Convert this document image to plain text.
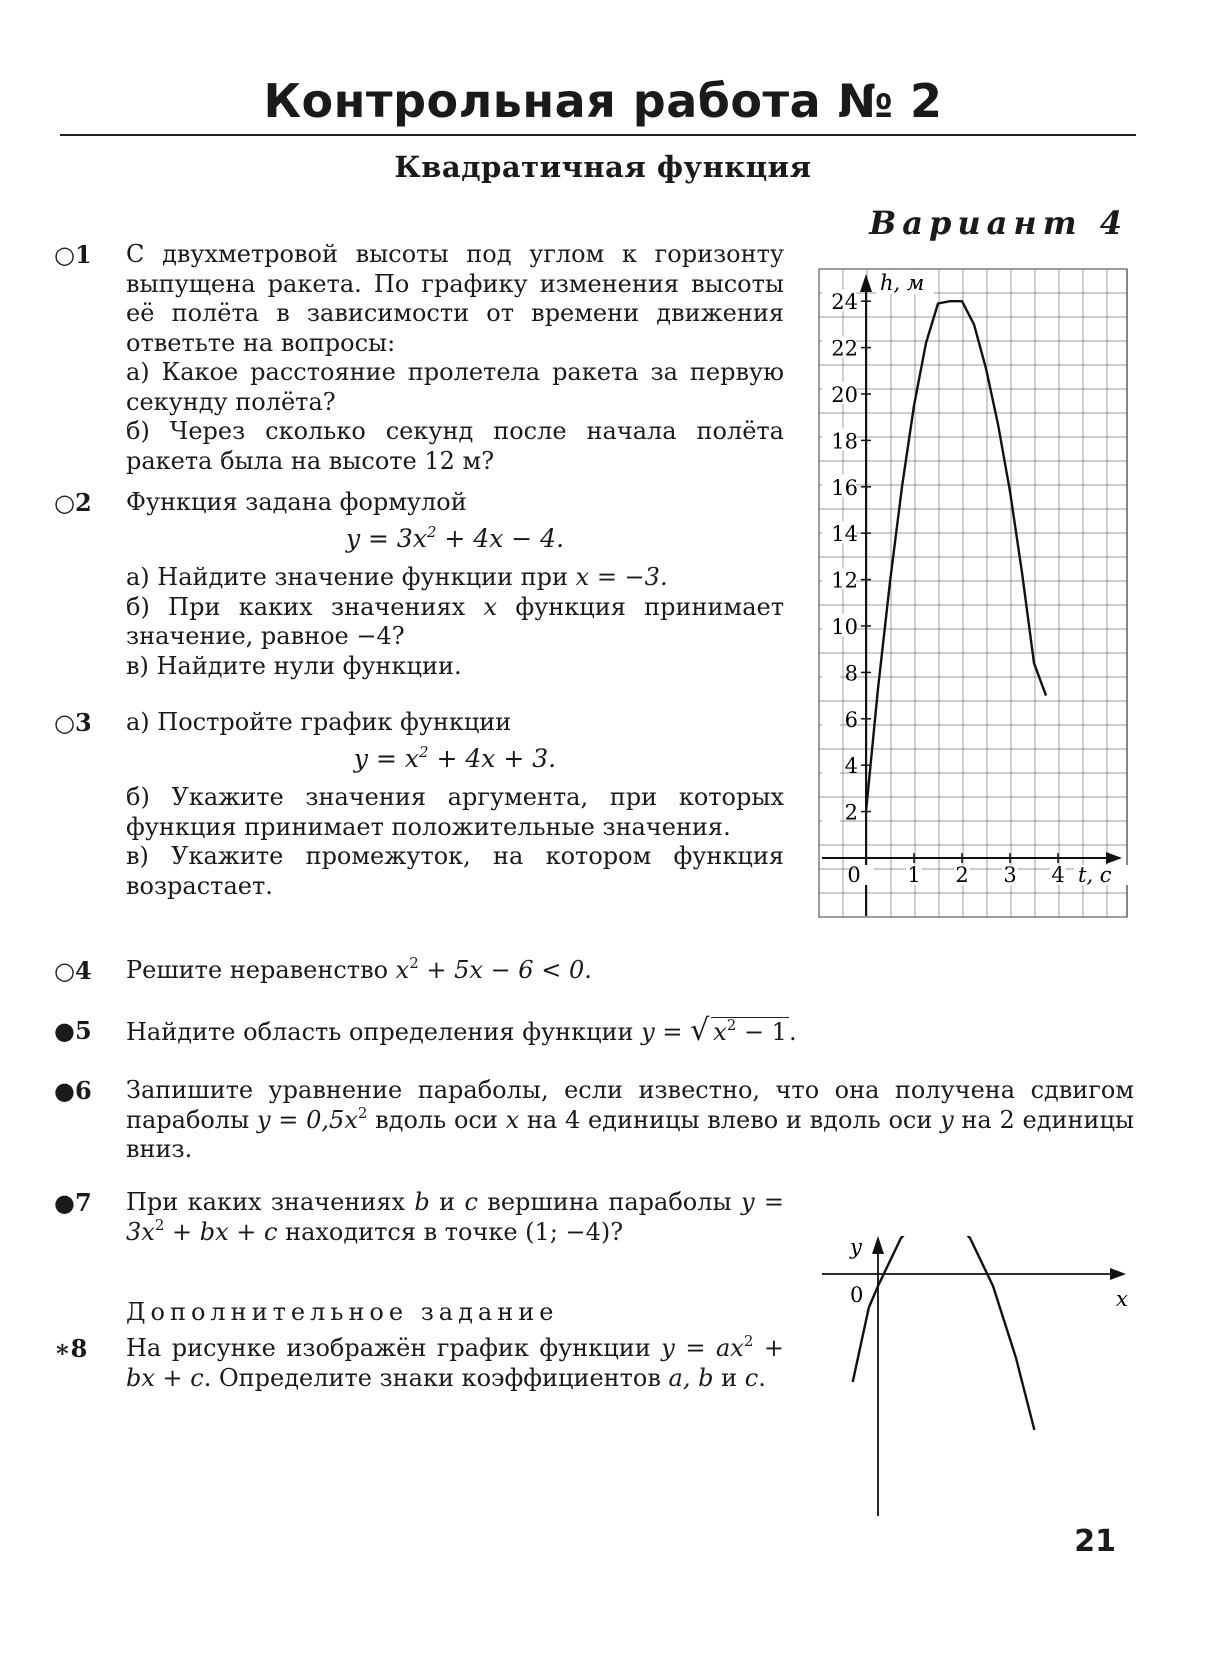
Контрольная работа № 2
Квадратичная функция
Вариант 4
○1	С двухметровой высоты под углом к горизонту выпущена ракета. По графику изменения высоты её полёта в зависимости от времени движения ответьте на вопросы:
а) Какое расстояние пролетела ракета за первую секунду полёта?
б) Через сколько секунд после начала полёта ракета была на высоте 12 м?
○2	Функция задана формулой
$y = 3x^2 + 4x - 4$.
а) Найдите значение функции при x = −3.
б) При каких значениях x функция принимает значение, равное −4?
в) Найдите нули функции.
○3	а) Постройте график функции
$y = x^2 + 4x + 3$.
б) Укажите значения аргумента, при которых функция принимает положительные значения.
в) Укажите промежуток, на котором функция возрастает.
○4	Решите неравенство $x^2 + 5x - 6 < 0$.
●5	Найдите область определения функции y = √ $x^2 - 1$.
●6	Запишите уравнение параболы, если известно, что она получена сдвигом параболы $y = 0,5x^2$ вдоль оси x на 4 единицы влево и вдоль оси y на 2 единицы вниз.
●7	При каких значениях b и c вершина параболы $y = 3x^2$ + bx + c находится в точке (1; −4)?
Дополнительное задание
∗8	На рисунке изображён график функции $y = ax^2$ + bx + c. Определите знаки коэффициентов a, b и c.
2
4
6
8
10
12
14
16
18
20
22
24
0 1 2 3 4
h, м
t, с
y
x
0
21
